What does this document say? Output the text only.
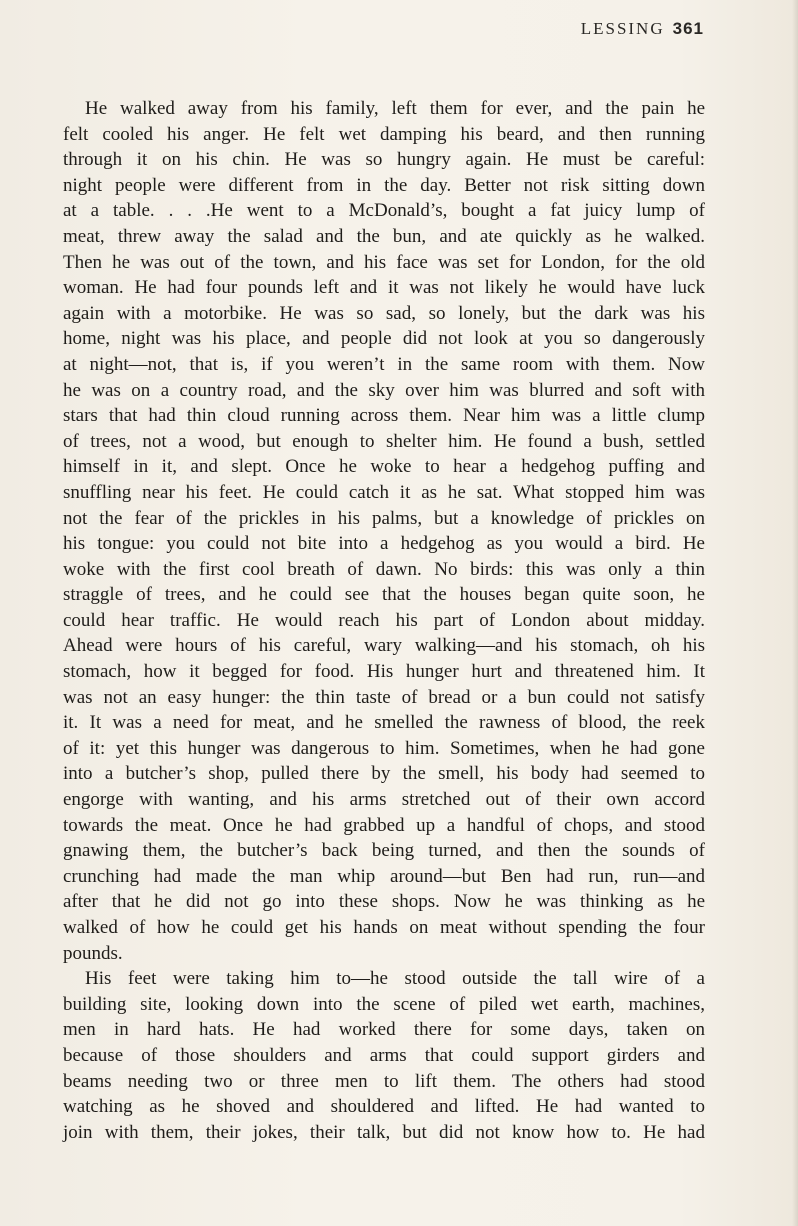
LESSING 361
He walked away from his family, left them for ever, and the pain he
felt cooled his anger. He felt wet damping his beard, and then running
through it on his chin. He was so hungry again. He must be careful:
night people were different from in the day. Better not risk sitting down
at a table. . . .He went to a McDonald’s, bought a fat juicy lump of
meat, threw away the salad and the bun, and ate quickly as he walked.
Then he was out of the town, and his face was set for London, for the old
woman. He had four pounds left and it was not likely he would have luck
again with a motorbike. He was so sad, so lonely, but the dark was his
home, night was his place, and people did not look at you so dangerously
at night—not, that is, if you weren’t in the same room with them. Now
he was on a country road, and the sky over him was blurred and soft with
stars that had thin cloud running across them. Near him was a little clump
of trees, not a wood, but enough to shelter him. He found a bush, settled
himself in it, and slept. Once he woke to hear a hedgehog puffing and
snuffling near his feet. He could catch it as he sat. What stopped him was
not the fear of the prickles in his palms, but a knowledge of prickles on
his tongue: you could not bite into a hedgehog as you would a bird. He
woke with the first cool breath of dawn. No birds: this was only a thin
straggle of trees, and he could see that the houses began quite soon, he
could hear traffic. He would reach his part of London about midday.
Ahead were hours of his careful, wary walking—and his stomach, oh his
stomach, how it begged for food. His hunger hurt and threatened him. It
was not an easy hunger: the thin taste of bread or a bun could not satisfy
it. It was a need for meat, and he smelled the rawness of blood, the reek
of it: yet this hunger was dangerous to him. Sometimes, when he had gone
into a butcher’s shop, pulled there by the smell, his body had seemed to
engorge with wanting, and his arms stretched out of their own accord
towards the meat. Once he had grabbed up a handful of chops, and stood
gnawing them, the butcher’s back being turned, and then the sounds of
crunching had made the man whip around—but Ben had run, run—and
after that he did not go into these shops. Now he was thinking as he
walked of how he could get his hands on meat without spending the four
pounds.
His feet were taking him to—he stood outside the tall wire of a
building site, looking down into the scene of piled wet earth, machines,
men in hard hats. He had worked there for some days, taken on
because of those shoulders and arms that could support girders and
beams needing two or three men to lift them. The others had stood
watching as he shoved and shouldered and lifted. He had wanted to
join with them, their jokes, their talk, but did not know how to. He had
